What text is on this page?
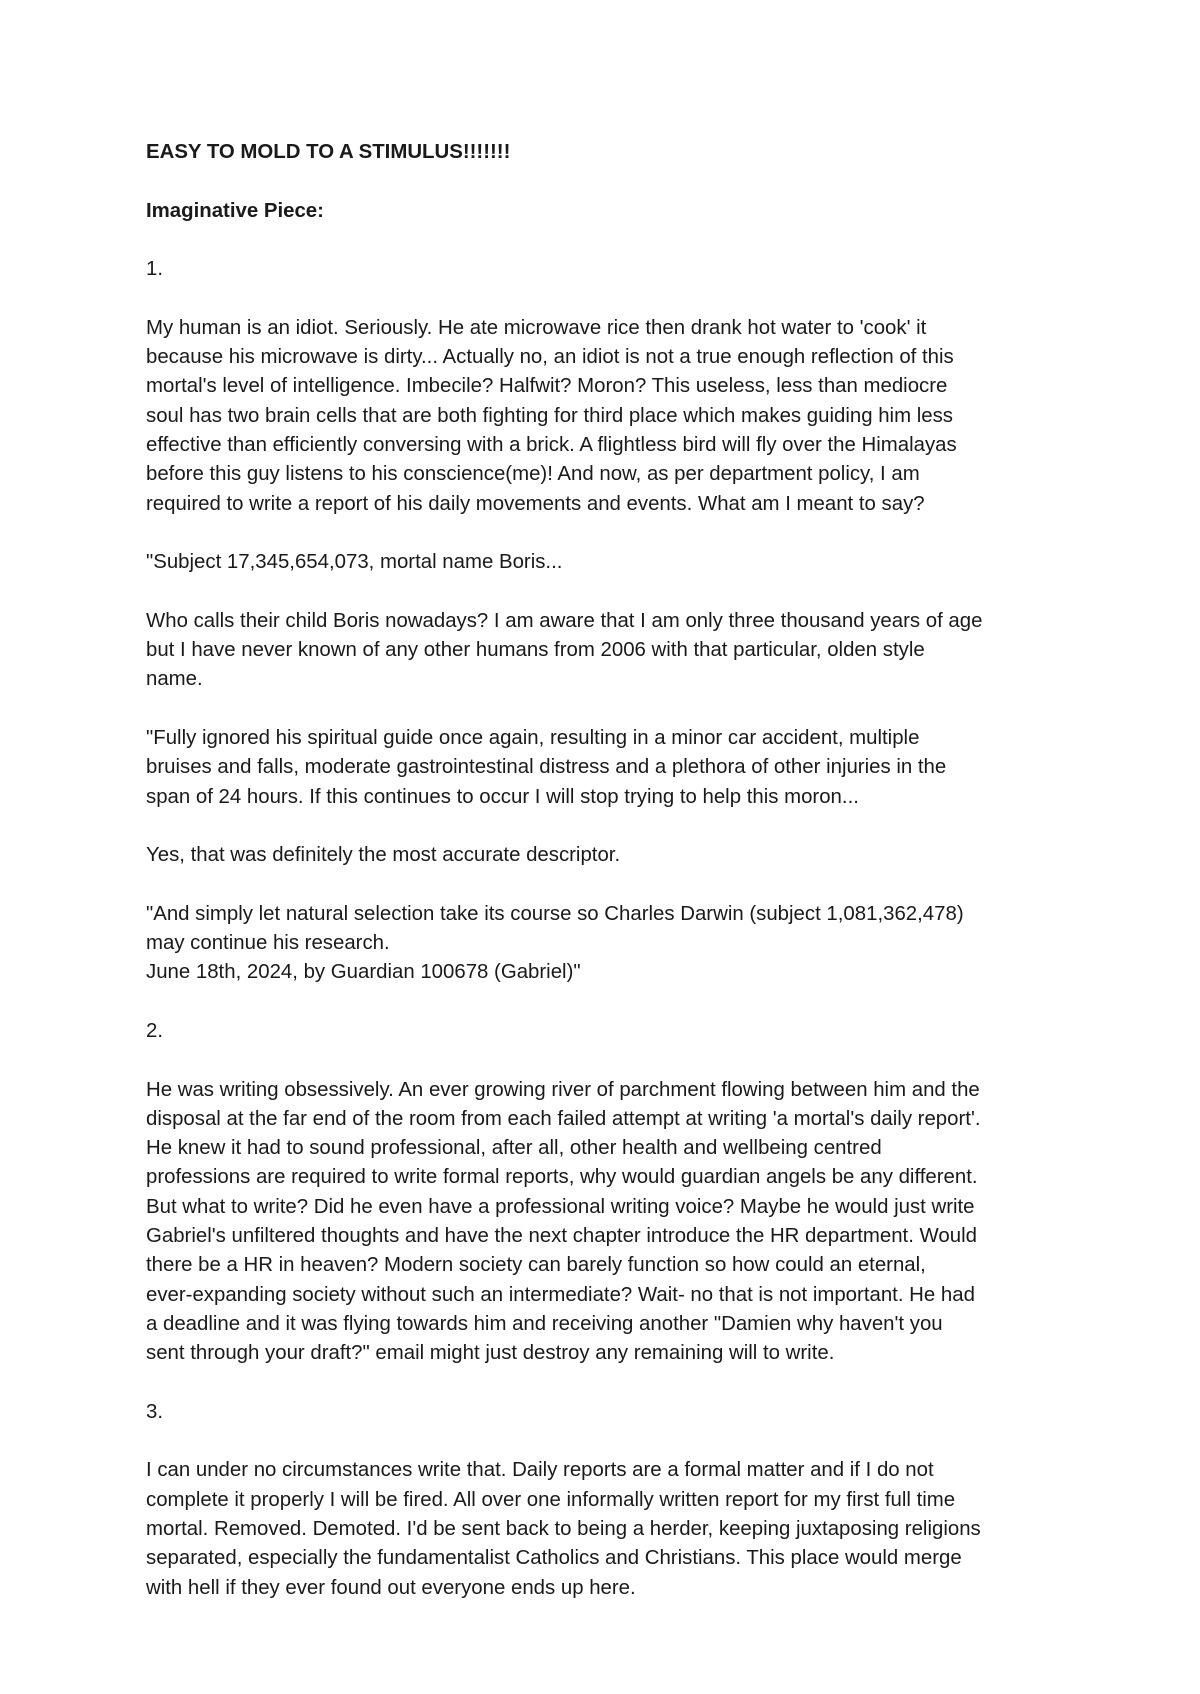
EASY TO MOLD TO A STIMULUS!!!!!!!

Imaginative Piece:

1.

My human is an idiot. Seriously. He ate microwave rice then drank hot water to 'cook' it
because his microwave is dirty... Actually no, an idiot is not a true enough reflection of this
mortal's level of intelligence. Imbecile? Halfwit? Moron? This useless, less than mediocre
soul has two brain cells that are both fighting for third place which makes guiding him less
effective than efficiently conversing with a brick. A flightless bird will fly over the Himalayas
before this guy listens to his conscience(me)! And now, as per department policy, I am
required to write a report of his daily movements and events. What am I meant to say?

"Subject 17,345,654,073, mortal name Boris...

Who calls their child Boris nowadays? I am aware that I am only three thousand years of age
but I have never known of any other humans from 2006 with that particular, olden style
name.

"Fully ignored his spiritual guide once again, resulting in a minor car accident, multiple
bruises and falls, moderate gastrointestinal distress and a plethora of other injuries in the
span of 24 hours. If this continues to occur I will stop trying to help this moron...

Yes, that was definitely the most accurate descriptor.

"And simply let natural selection take its course so Charles Darwin (subject 1,081,362,478)
may continue his research.
June 18th, 2024, by Guardian 100678 (Gabriel)"

2.

He was writing obsessively. An ever growing river of parchment flowing between him and the
disposal at the far end of the room from each failed attempt at writing 'a mortal's daily report'.
He knew it had to sound professional, after all, other health and wellbeing centred
professions are required to write formal reports, why would guardian angels be any different.
But what to write? Did he even have a professional writing voice? Maybe he would just write
Gabriel's unfiltered thoughts and have the next chapter introduce the HR department. Would
there be a HR in heaven? Modern society can barely function so how could an eternal,
ever-expanding society without such an intermediate? Wait- no that is not important. He had
a deadline and it was flying towards him and receiving another "Damien why haven't you
sent through your draft?" email might just destroy any remaining will to write.

3.

I can under no circumstances write that. Daily reports are a formal matter and if I do not
complete it properly I will be fired. All over one informally written report for my first full time
mortal. Removed. Demoted. I'd be sent back to being a herder, keeping juxtaposing religions
separated, especially the fundamentalist Catholics and Christians. This place would merge
with hell if they ever found out everyone ends up here.
